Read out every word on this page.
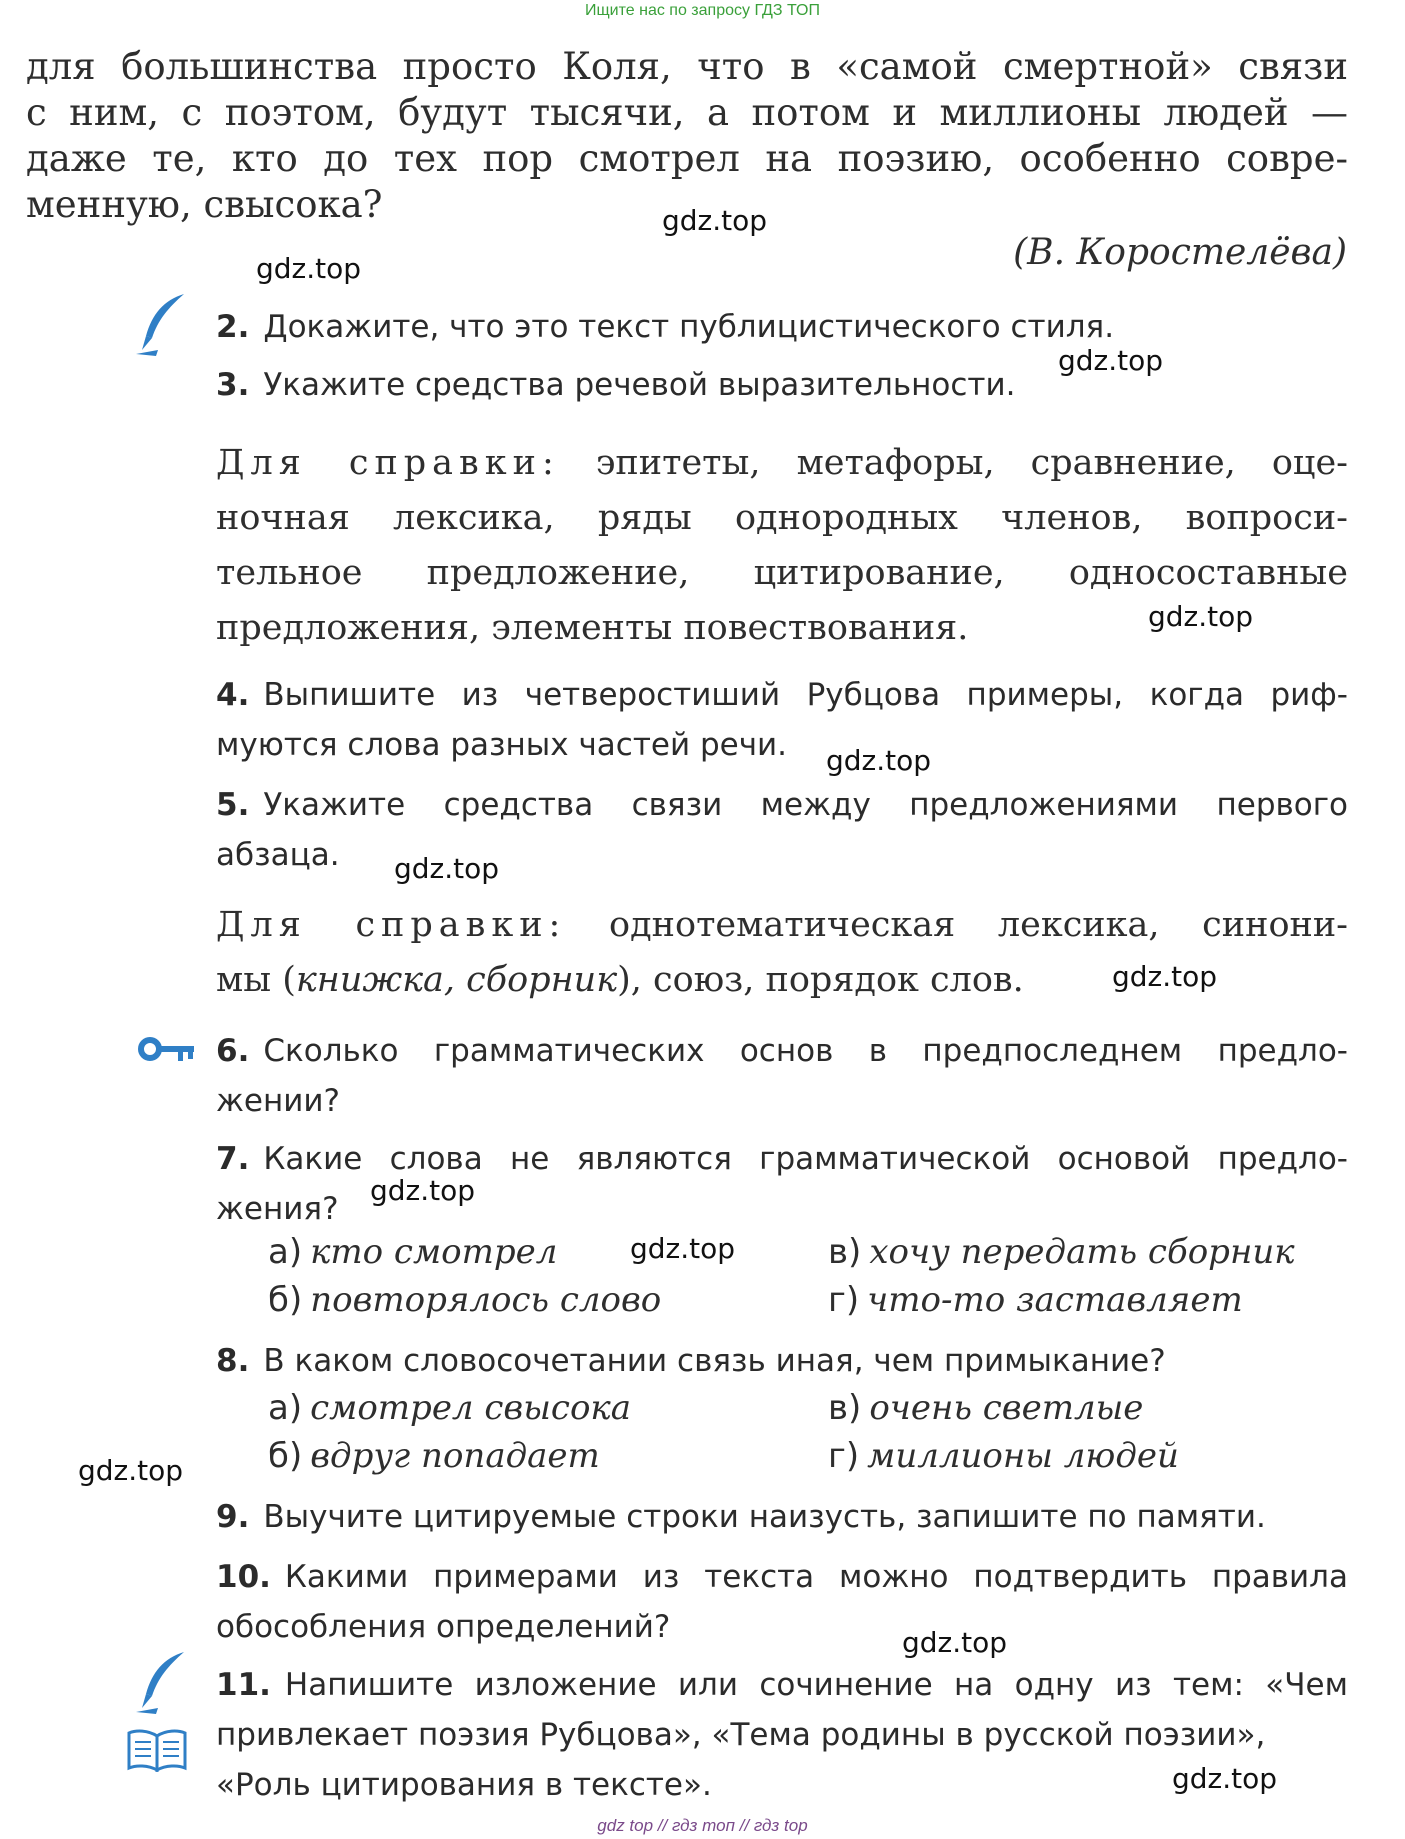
Ищите нас по запросу ГДЗ ТОП
для большинства просто Коля, что в «самой смертной» связи
с ним, с поэтом, будут тысячи, а потом и миллионы людей —
даже те, кто до тех пор смотрел на поэзию, особенно совре-
менную, свысока?
(В. Коростелёва)
2. Докажите, что это текст публицистического стиля.
3. Укажите средства речевой выразительности.
Для справки: эпитеты, метафоры, сравнение, оце-
ночная лексика, ряды однородных членов, вопроси-
тельное предложение, цитирование, односоставные
предложения, элементы повествования.
4. Выпишите из четверостиший Рубцова примеры, когда риф-
муются слова разных частей речи.
5. Укажите средства связи между предложениями первого
абзаца.
Для справки: однотематическая лексика, синони-
мы (книжка, сборник), союз, порядок слов.
6. Сколько грамматических основ в предпоследнем предло-
жении?
7. Какие слова не являются грамматической основой предло-
жения?
а) кто смотрел	в) хочу передать сборник
б) повторялось слово	г) что-то заставляет
8. В каком словосочетании связь иная, чем примыкание?
а) смотрел свысока	в) очень светлые
б) вдруг попадает	г) миллионы людей
9. Выучите цитируемые строки наизусть, запишите по памяти.
10. Какими примерами из текста можно подтвердить правила
обособления определений?
11. Напишите изложение или сочинение на одну из тем: «Чем
привлекает поэзия Рубцова», «Тема родины в русской поэзии»,
«Роль цитирования в тексте».
gdz.top
gdz.top
gdz.top
gdz.top
gdz.top
gdz.top
gdz.top
gdz.top
gdz.top
gdz.top
gdz.top
gdz.top
gdz top // гдз топ // гдз top
